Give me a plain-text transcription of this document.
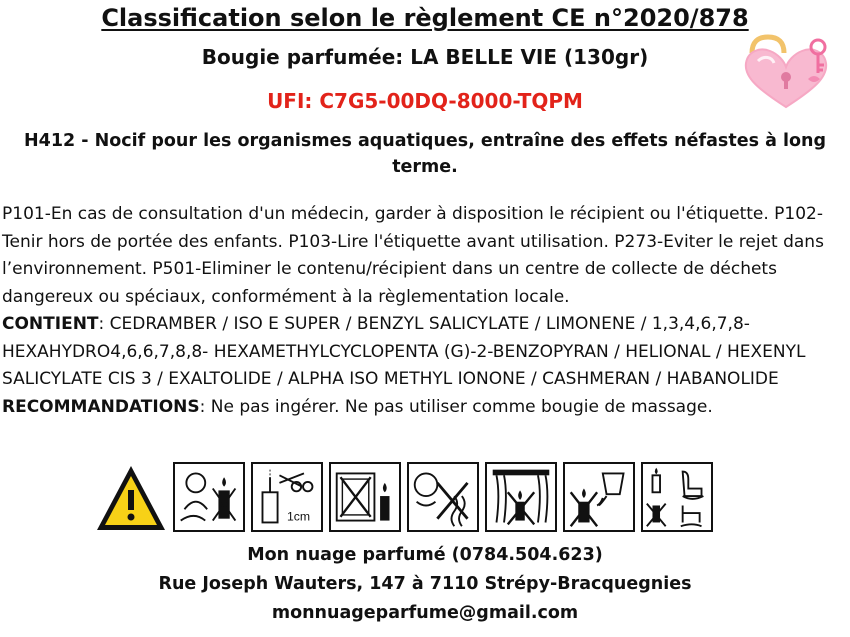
Classification selon le règlement CE n°2020/878
Bougie parfumée: LA BELLE VIE (130gr)
UFI: C7G5-00DQ-8000-TQPM
H412 - Nocif pour les organismes aquatiques, entraîne des effets néfastes à long terme.

P101-En cas de consultation d'un médecin, garder à disposition le récipient ou l'étiquette. P102-Tenir hors de portée des enfants. P103-Lire l'étiquette avant utilisation. P273-Eviter le rejet dans l’environnement. P501-Eliminer le contenu/récipient dans un centre de collecte de déchets dangereux ou spéciaux, conformément à la règlementation locale.

CONTIENT: CEDRAMBER / ISO E SUPER / BENZYL SALICYLATE / LIMONENE / 1,3,4,6,7,8-HEXAHYDRO4,6,6,7,8,8- HEXAMETHYLCYCLOPENTA (G)-2-BENZOPYRAN / HELIONAL / HEXENYL SALICYLATE CIS 3 / EXALTOLIDE / ALPHA ISO METHYL IONONE / CASHMERAN / HABANOLIDE

RECOMMANDATIONS: Ne pas ingérer. Ne pas utiliser comme bougie de massage.

1cm
Mon nuage parfumé (0784.504.623)
Rue Joseph Wauters, 147 à 7110 Strépy-Bracquegnies
monnuageparfume@gmail.com
